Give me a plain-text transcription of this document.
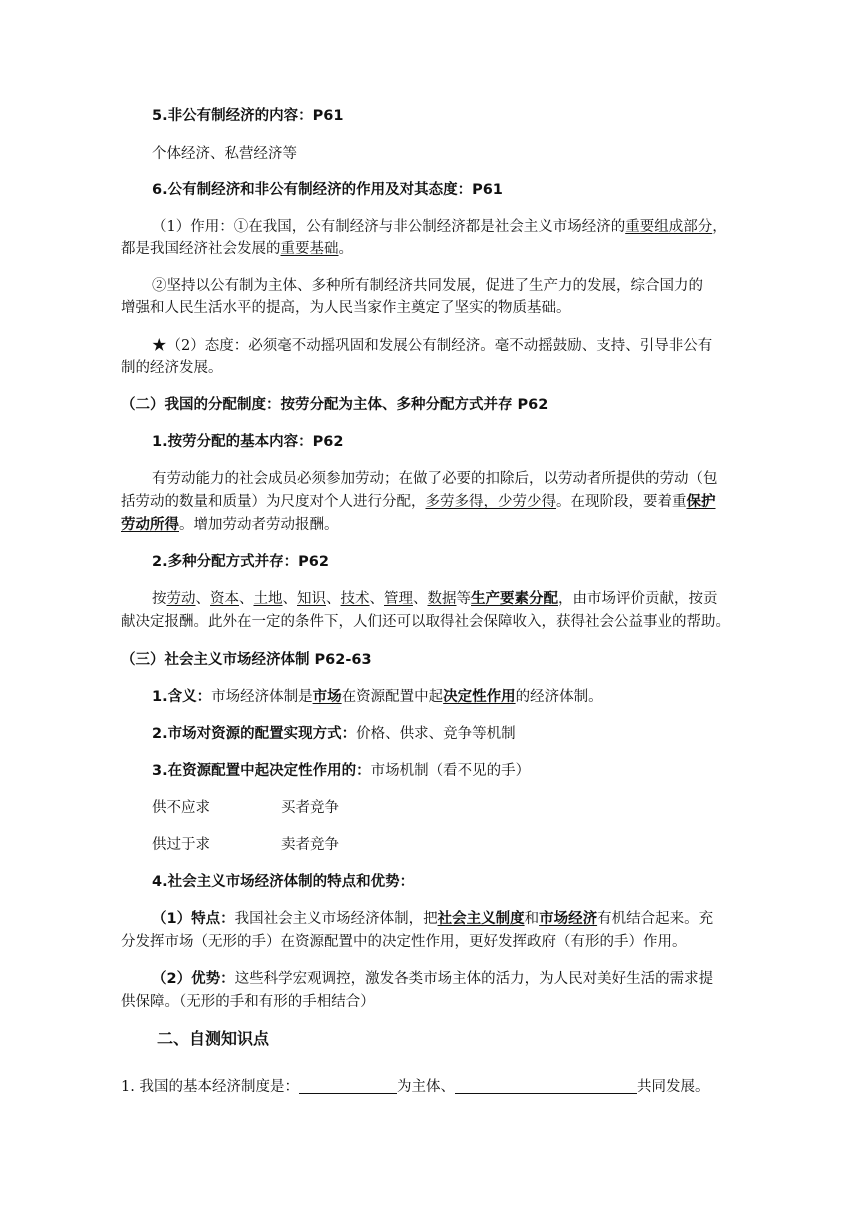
5.非公有制经济的内容：P61
个体经济、私营经济等
6.公有制经济和非公有制经济的作用及对其态度：P61
（1）作用：①在我国，公有制经济与非公制经济都是社会主义市场经济的重要组成部分，
都是我国经济社会发展的重要基础。
②坚持以公有制为主体、多种所有制经济共同发展，促进了生产力的发展，综合国力的
增强和人民生活水平的提高，为人民当家作主奠定了坚实的物质基础。
★（2）态度：必须毫不动摇巩固和发展公有制经济。毫不动摇鼓励、支持、引导非公有
制的经济发展。
（二）我国的分配制度：按劳分配为主体、多种分配方式并存 P62
1.按劳分配的基本内容：P62
有劳动能力的社会成员必须参加劳动；在做了必要的扣除后，以劳动者所提供的劳动（包
括劳动的数量和质量）为尺度对个人进行分配，多劳多得，少劳少得。在现阶段，要着重保护
劳动所得。增加劳动者劳动报酬。
2.多种分配方式并存：P62
按劳动、资本、土地、知识、技术、管理、数据等生产要素分配，由市场评价贡献，按贡
献决定报酬。此外在一定的条件下，人们还可以取得社会保障收入，获得社会公益事业的帮助。
（三）社会主义市场经济体制 P62-63
1.含义：市场经济体制是市场在资源配置中起决定性作用的经济体制。
2.市场对资源的配置实现方式：价格、供求、竞争等机制
3.在资源配置中起决定性作用的：市场机制（看不见的手）
供不应求	买者竞争
供过于求	卖者竞争
4.社会主义市场经济体制的特点和优势：
（1）特点：我国社会主义市场经济体制，把社会主义制度和市场经济有机结合起来。充
分发挥市场（无形的手）在资源配置中的决定性作用，更好发挥政府（有形的手）作用。
（2）优势：这些科学宏观调控，激发各类市场主体的活力，为人民对美好生活的需求提
供保障。（无形的手和有形的手相结合）
二、自测知识点
1. 我国的基本经济制度是：	为主体、	共同发展。
